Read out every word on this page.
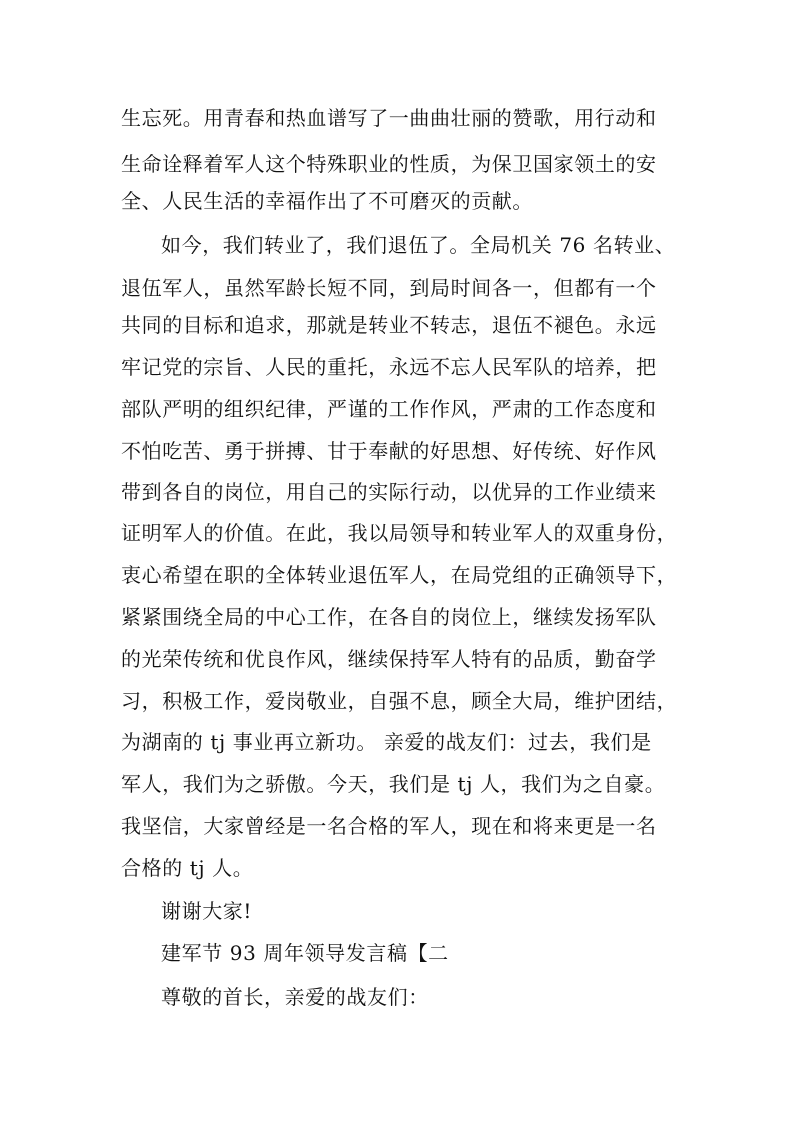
生忘死。用青春和热血谱写了一曲曲壮丽的赞歌，用行动和
生命诠释着军人这个特殊职业的性质，为保卫国家领土的安
全、人民生活的幸福作出了不可磨灭的贡献。
如今，我们转业了，我们退伍了。全局机关 76 名转业、
退伍军人，虽然军龄长短不同，到局时间各一，但都有一个
共同的目标和追求，那就是转业不转志，退伍不褪色。永远
牢记党的宗旨、人民的重托，永远不忘人民军队的培养，把
部队严明的组织纪律，严谨的工作作风，严肃的工作态度和
不怕吃苦、勇于拼搏、甘于奉献的好思想、好传统、好作风
带到各自的岗位，用自己的实际行动，以优异的工作业绩来
证明军人的价值。在此，我以局领导和转业军人的双重身份，
衷心希望在职的全体转业退伍军人，在局党组的正确领导下，
紧紧围绕全局的中心工作，在各自的岗位上，继续发扬军队
的光荣传统和优良作风，继续保持军人特有的品质，勤奋学
习，积极工作，爱岗敬业，自强不息，顾全大局，维护团结，
为湖南的 tj 事业再立新功。 亲爱的战友们：过去，我们是
军人，我们为之骄傲。今天，我们是 tj 人，我们为之自豪。
我坚信，大家曾经是一名合格的军人，现在和将来更是一名
合格的 tj 人。
谢谢大家!
建军节 93 周年领导发言稿【二
尊敬的首长，亲爱的战友们：
